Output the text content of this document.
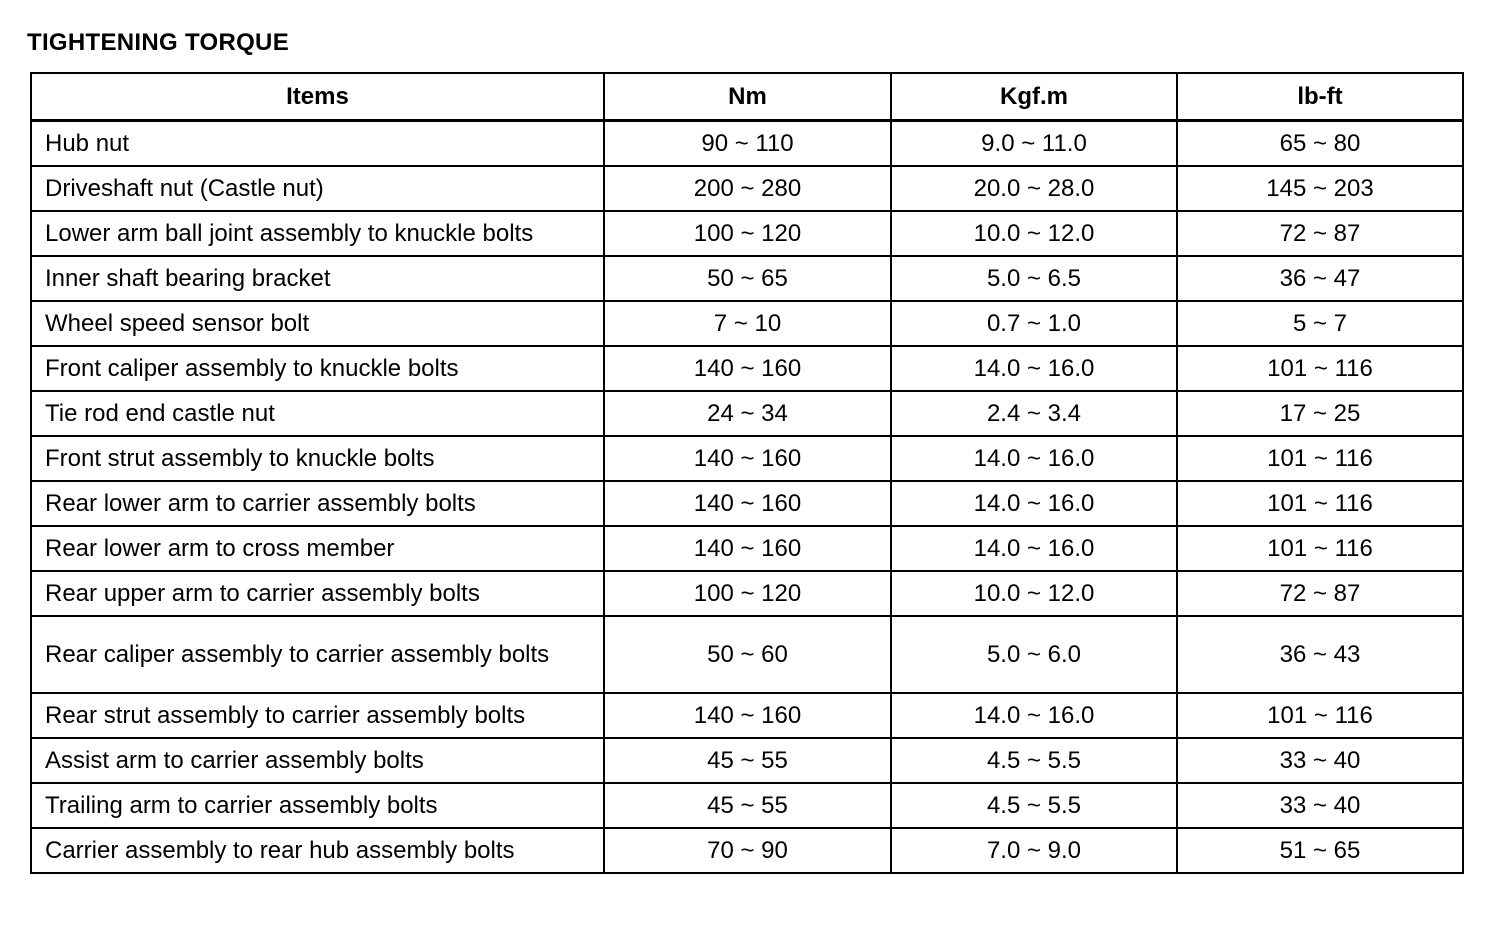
TIGHTENING TORQUE
Items	Nm	Kgf.m	lb-ft
Hub nut	90 ~ 110	9.0 ~ 11.0	65 ~ 80
Driveshaft nut (Castle nut)	200 ~ 280	20.0 ~ 28.0	145 ~ 203
Lower arm ball joint assembly to knuckle bolts	100 ~ 120	10.0 ~ 12.0	72 ~ 87
Inner shaft bearing bracket	50 ~ 65	5.0 ~ 6.5	36 ~ 47
Wheel speed sensor bolt	7 ~ 10	0.7 ~ 1.0	5 ~ 7
Front caliper assembly to knuckle bolts	140 ~ 160	14.0 ~ 16.0	101 ~ 116
Tie rod end castle nut	24 ~ 34	2.4 ~ 3.4	17 ~ 25
Front strut assembly to knuckle bolts	140 ~ 160	14.0 ~ 16.0	101 ~ 116
Rear lower arm to carrier assembly bolts	140 ~ 160	14.0 ~ 16.0	101 ~ 116
Rear lower arm to cross member	140 ~ 160	14.0 ~ 16.0	101 ~ 116
Rear upper arm to carrier assembly bolts	100 ~ 120	10.0 ~ 12.0	72 ~ 87
Rear caliper assembly to carrier assembly bolts	50 ~ 60	5.0 ~ 6.0	36 ~ 43
Rear strut assembly to carrier assembly bolts	140 ~ 160	14.0 ~ 16.0	101 ~ 116
Assist arm to carrier assembly bolts	45 ~ 55	4.5 ~ 5.5	33 ~ 40
Trailing arm to carrier assembly bolts	45 ~ 55	4.5 ~ 5.5	33 ~ 40
Carrier assembly to rear hub assembly bolts	70 ~ 90	7.0 ~ 9.0	51 ~ 65
